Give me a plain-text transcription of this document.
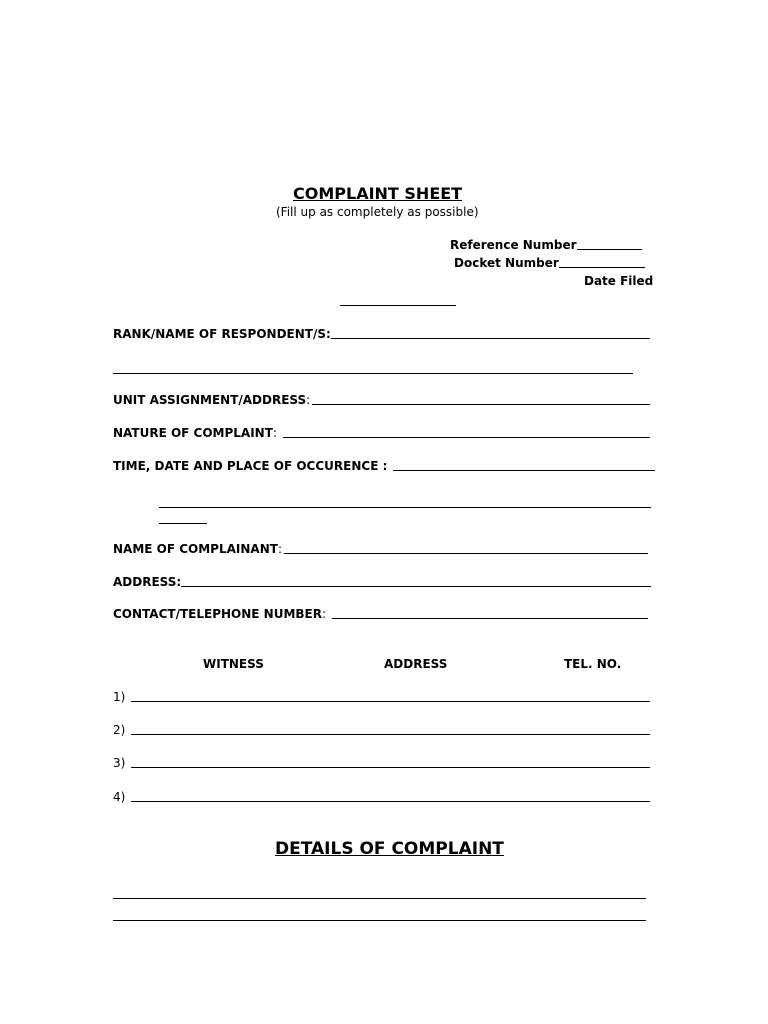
COMPLAINT SHEET
(Fill up as completely as possible)
Reference Number
Docket Number
Date Filed
RANK/NAME OF RESPONDENT/S:
UNIT ASSIGNMENT/ADDRESS :
NATURE OF COMPLAINT :
TIME, DATE AND PLACE OF OCCURENCE :
NAME OF COMPLAINANT :
ADDRESS:
CONTACT/TELEPHONE NUMBER :
WITNESS	ADDRESS	TEL. NO.
1)
2)
3)
4)
DETAILS OF COMPLAINT
